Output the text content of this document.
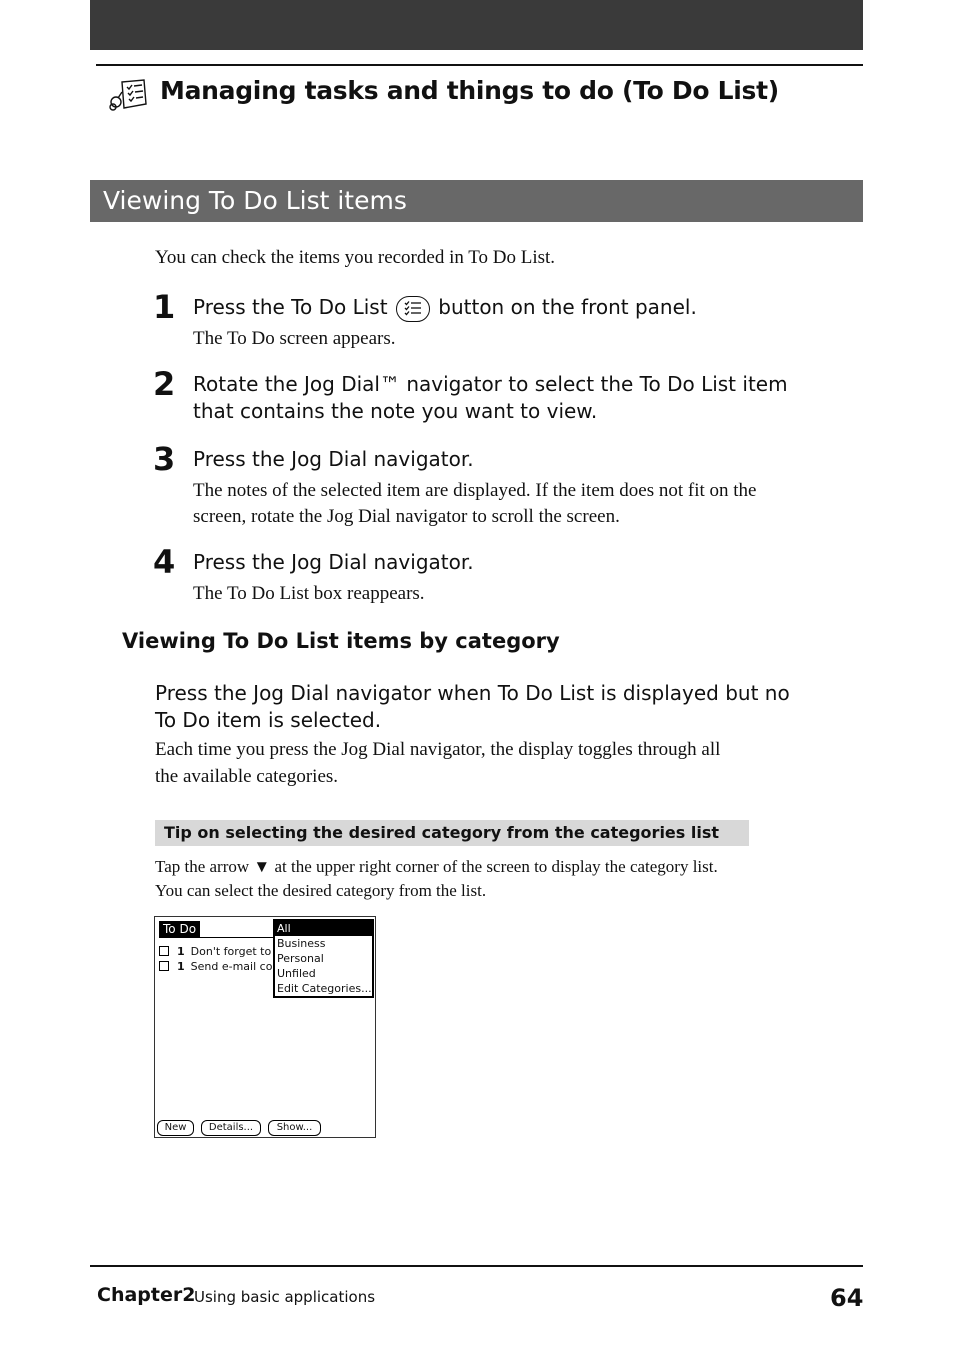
Managing tasks and things to do (To Do List)
Viewing To Do List items
You can check the items you recorded in To Do List.
1 Press the To Do List	button on the front panel.
The To Do screen appears.
2 Rotate the Jog Dial™ navigator to select the To Do List item
that contains the note you want to view.
3 Press the Jog Dial navigator.
The notes of the selected item are displayed. If the item does not fit on the
screen, rotate the Jog Dial navigator to scroll the screen.
4 Press the Jog Dial navigator.
The To Do List box reappears.
Viewing To Do List items by category
Press the Jog Dial navigator when To Do List is displayed but no
To Do item is selected.
Each time you press the Jog Dial navigator, the display toggles through all
the available categories.
Tip on selecting the desired category from the categories list
Tap the arrow ▼ at the upper right corner of the screen to display the category list.
You can select the desired category from the list.
To Do
1 Don't forget to
1 Send e-mail co
All
Business
Personal
Unfiled
Edit Categories...
New	Details...	Show...
Chapter2
Using basic applications	64
